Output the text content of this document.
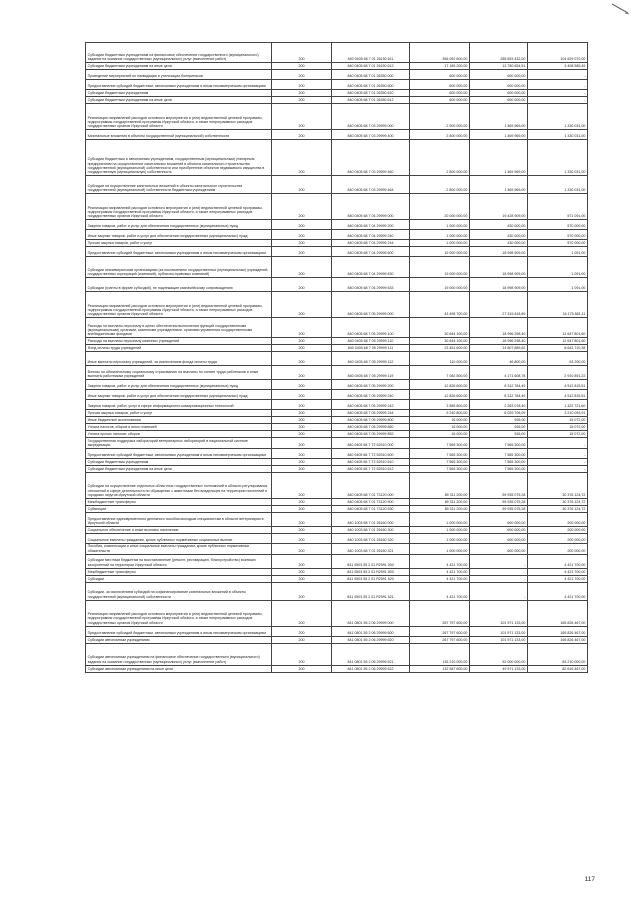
Субсидии бюджетным учреждениям на финансовое обеспечение государственного (муниципального) задания на оказание государственных (муниципальных) услуг (выполнение работ)	200	840 0405 68 7 01 26150 611	356 052 600,00	285 653 432,00	104 629 070,00
Субсидии бюджетным учреждениям на иные цели	200	840 0405 68 7 01 26150 612	17 189 200,00	13 780 654,51	3 408 585,49
Проведение мероприятий по ликвидации и утилизации боеприпасов	200	840 0405 68 7 01 26350 000	600 000,00	600 000,00	-
Предоставление субсидий бюджетным, автономным учреждениям и иным некоммерческим организациям	200	840 0405 68 7 01 26350 600	600 000,00	600 000,00	-
Субсидии бюджетным учреждениям	200	840 0405 68 7 01 26350 610	600 000,00	600 000,00	-
Субсидии бюджетным учреждениям на иные цели	200	840 0405 68 7 01 26350 612	600 000,00	600 000,00	-
Реализация направлений расходов основного мероприятия и (или) ведомственной целевой программы, подпрограммы государственной программы Иркутской области, а также непрограммных расходов государственных органов Иркутской области	200	840 0405 68 7 03 29999 000	2 900 000,00	1 469 969,00	1 330 031,00
Капитальные вложения в объекты государственной (муниципальной) собственности	200	840 0405 68 7 03 29999 400	2 800 000,00	1 469 969,00	1 330 031,00
Субсидии бюджетным и автономным учреждениям, государственным (муниципальным) унитарным предприятиям на осуществление капитальных вложений в объекты капитального строительства государственной (муниципальной) собственности или приобретение объектов недвижимого имущества в государственную (муниципальную) собственность	200	840 0405 68 7 03 29999 460	2 800 000,00	1 469 969,00	1 330 031,00
Субсидии на осуществление капитальных вложений в объекты капитального строительства государственной (муниципальной) собственности бюджетным учреждениям	200	840 0405 68 7 03 29999 464	2 800 000,00	1 469 969,00	1 330 031,00
Реализация направлений расходов основного мероприятия и (или) ведомственной целевой программы, подпрограммы государственной программы Иркутской области, а также непрограммных расходов государственных органов Иркутской области	200	840 0405 68 7 04 29999 000	20 000 000,00	19 428 909,00	571 091,00
Закупка товаров, работ и услуг для обеспечения государственных (муниципальных) нужд	200	840 0405 68 7 04 29999 200	1 000 000,00	430 000,00	570 000,00
Иные закупки товаров, работ и услуг для обеспечения государственных (муниципальных) нужд	200	840 0405 68 7 04 29999 240	1 000 000,00	430 000,00	570 000,00
Прочая закупка товаров, работ и услуг	200	840 0405 68 7 04 29999 244	1 000 000,00	430 000,00	570 000,00
Предоставление субсидий бюджетным, автономным учреждениям и иным некоммерческим организациям	200	840 0405 68 7 04 29999 600	19 000 000,00	18 998 909,00	1 091,00
Субсидии некоммерческим организациям (за исключением государственных (муниципальных) учреждений, государственных корпораций (компаний), публично-правовых компаний)	200	840 0405 68 7 04 29999 630	19 000 000,00	18 998 909,00	1 091,00
Субсидии (гранты в форме субсидий), не подлежащие казначейскому сопровождению	200	840 0405 68 7 04 29999 633	19 000 000,00	18 998 909,00	1 091,00
Реализация направлений расходов основного мероприятия и (или) ведомственной целевой программы, подпрограммы государственной программы Иркутской области, а также непрограммных расходов государственных органов Иркутской области	200	840 0405 68 7 05 29999 000	43 495 700,00	27 319 818,89	16 175 881,11
Расходы на выплаты персоналу в целях обеспечения выполнения функций государственными (муниципальными) органами, казенными учреждениями, органами управления государственными внебюджетными фондами	200	840 0405 68 7 05 29999 100	30 644 100,00	18 996 298,40	11 647 801,60
Расходы на выплаты персоналу казенных учреждений	200	840 0405 68 7 05 29999 110	30 644 100,00	18 996 298,40	11 647 801,60
Фонд оплаты труда учреждений	200	840 0405 68 7 05 29999 111	23 451 600,00	14 807 889,62	8 643 710,38
Иные выплаты персоналу учреждений, за исключением фонда оплаты труда	200	840 0405 68 7 05 29999 112	110 000,00	46 800,00	63 200,00
Взносы по обязательному социальному страхованию на выплаты по оплате труда работников и иные выплаты работникам учреждений	200	840 0405 68 7 05 29999 119	7 082 500,00	4 171 608,78	2 910 891,22
Закупка товаров, работ и услуг для обеспечения государственных (муниципальных) нужд	200	840 0405 68 7 05 29999 200	12 826 600,00	8 312 784,49	4 512 815,51
Иные закупки товаров, работ и услуг для обеспечения государственных (муниципальных) нужд	200	840 0405 68 7 05 29999 240	12 826 600,00	8 312 784,49	4 512 815,51
Закупка товаров, работ, услуг в сфере информационно-коммуникационных технологий	200	840 0405 68 7 05 29999 242	3 585 800,00	2 263 078,40	1 322 721,60
Прочая закупка товаров, работ и услуг	200	840 0405 68 7 05 29999 244	9 240 800,00	6 029 706,09	3 210 093,91
Иные бюджетные ассигнования	200	840 0405 68 7 05 29999 800	16 000,00	926,00	15 072,00
Уплата налогов, сборов и иных платежей	200	840 0405 68 7 05 29999 850	16 000,00	926,00	15 072,00
Уплата прочих налогов, сборов	200	840 0405 68 7 05 29999 852	16 000,00	926,00	15 072,00
Государственная поддержка лабораторий ветеринарных лабораторий в национальной системе аккредитации	200	840 0405 68 7 T2 52510 000	7 565 300,00	7 565 300,00	-
Предоставление субсидий бюджетным, автономным учреждениям и иным некоммерческим организациям	200	840 0405 68 7 T2 52510 600	7 565 300,00	7 565 300,00	-
Субсидии бюджетным учреждениям	200	840 0405 68 7 T2 52510 610	7 565 300,00	7 565 300,00	-
Субсидии бюджетным учреждениям на иные цели	200	840 0405 68 7 T2 52510 612	7 565 300,00	7 565 300,00	-
Субсидии на осуществление отдельных областных государственных полномочий в области регулирования отношений в сфере деятельности по обращению с животными без владельцев на территории поселений и городских округов Иркутской области	200	840 0405 68 7 01 73120 000	89 311 200,00	59 935 075,28	30 376 124,72
Межбюджетные трансферты	200	840 0405 68 7 01 73120 500	89 311 200,00	59 935 075,28	30 376 124,72
Субвенции	200	840 0405 68 7 01 73120 530	89 311 200,00	59 935 075,28	30 376 124,72
Предоставление единовременного денежного пособия молодым специалистам в области ветеринарии в Иркутской области	200	840 1003 68 7 01 26160 000	1 000 000,00	600 000,00	200 000,00
Социальное обеспечение и иные выплаты населению	200	840 1003 68 7 01 26160 300	1 000 000,00	600 000,00	200 000,00
Социальные выплаты гражданам, кроме публичных нормативных социальных выплат	200	840 1003 68 7 01 26160 320	1 000 000,00	600 000,00	200 000,00
Пособия, компенсации и иные социальные выплаты гражданам, кроме публичных нормативных обязательств	200	840 1003 68 7 01 26160 321	1 000 000,00	600 000,00	200 000,00
Субсидии местным бюджетам на восстановление (ремонт, реставрацию, благоустройство) воинских захоронений на территории Иркутской области	200	841 0503 55 2 01 R2991 000	4 421 700,00	-	4 421 700,00
Межбюджетные трансферты	200	841 0503 55 2 01 R2991 500	4 421 700,00	-	4 421 700,00
Субсидии	200	841 0503 55 2 01 R2991 520	4 421 700,00	-	4 421 700,00
Субсидии, за исключением субсидий на софинансирование капитальных вложений в объекты государственной (муниципальной) собственности	200	841 0503 55 2 01 R2991 521	4 421 700,00	-	4 421 700,00
Реализация направлений расходов основного мероприятия и (или) ведомственной целевой программы, подпрограммы государственной программы Иркутской области, а также непрограммных расходов государственных органов Иркутской области	200	841 0801 55 2 06 29999 000	267 797 600,00	101 971 133,00	165 826 467,00
Предоставление субсидий бюджетным, автономным учреждениям и иным некоммерческим организациям	200	841 0801 55 2 06 29999 600	267 797 600,00	101 971 133,00	165 826 467,00
Субсидии автономным учреждениям	200	841 0801 55 2 06 29999 620	267 797 600,00	101 971 133,00	165 826 467,00
Субсидии автономным учреждениям на финансовое обеспечение государственного (муниципального) задания на оказание государственных (муниципальных) услуг (выполнение работ)	200	841 0801 55 2 06 29999 621	135 210 000,00	52 000 000,00	83 210 000,00
Субсидии автономным учреждениям на иные цели	200	841 0801 55 2 06 29999 622	132 587 600,00	49 971 133,00	82 616 467,00
117
